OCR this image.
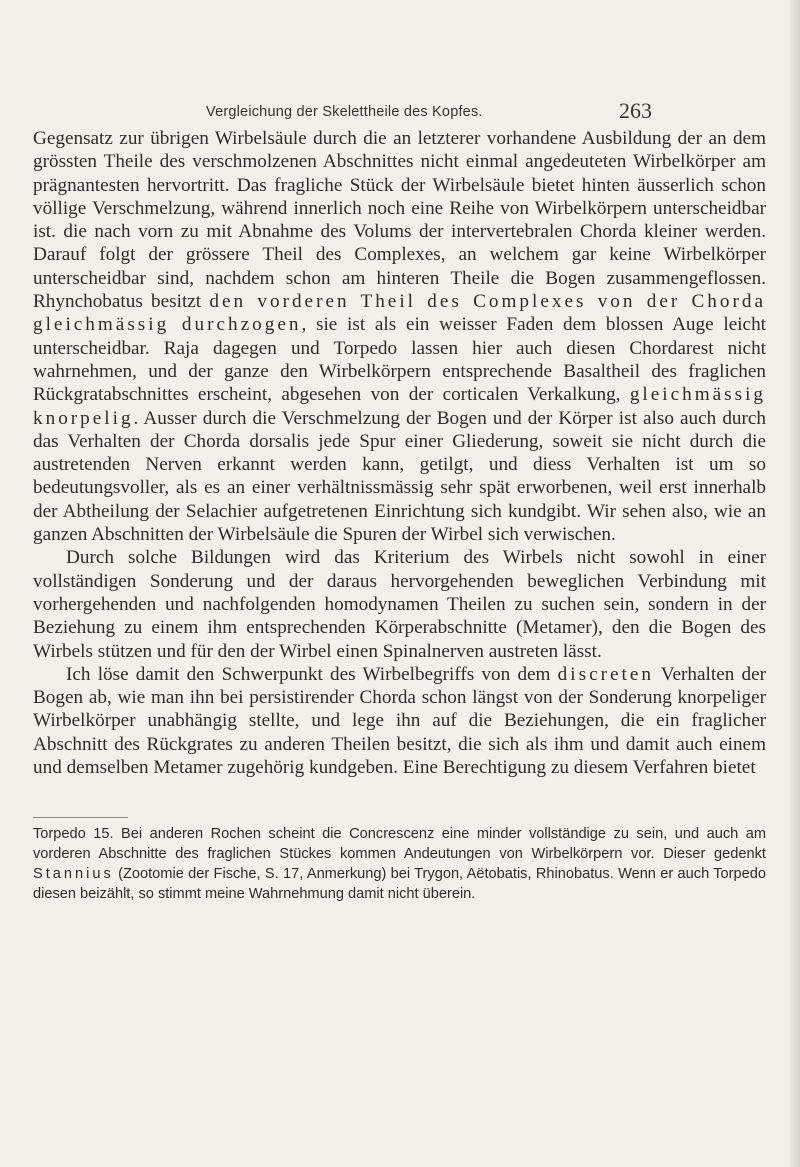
Vergleichung der Skelettheile des Kopfes.	263

Gegensatz zur übrigen Wirbelsäule durch die an letzterer vorhandene Ausbildung der an dem grössten Theile des verschmolzenen Abschnittes nicht einmal angedeuteten Wirbelkörper am prägnantesten hervortritt. Das fragliche Stück der Wirbelsäule bietet hinten äusserlich schon völlige Verschmelzung, während innerlich noch eine Reihe von Wirbelkörpern unterscheidbar ist. die nach vorn zu mit Abnahme des Volums der intervertebralen Chorda kleiner werden. Darauf folgt der grössere Theil des Complexes, an welchem gar keine Wirbelkörper unterscheidbar sind, nachdem schon am hinteren Theile die Bogen zusammengeflossen. Rhynchobatus besitzt den vorderen Theil des Complexes von der Chorda gleichmässig durchzogen, sie ist als ein weisser Faden dem blossen Auge leicht unterscheidbar. Raja dagegen und Torpedo lassen hier auch diesen Chordarest nicht wahrnehmen, und der ganze den Wirbelkörpern entsprechende Basaltheil des fraglichen Rückgratabschnittes erscheint, abgesehen von der corticalen Verkalkung, gleichmässig knorpelig. Ausser durch die Verschmelzung der Bogen und der Körper ist also auch durch das Verhalten der Chorda dorsalis jede Spur einer Gliederung, soweit sie nicht durch die austretenden Nerven erkannt werden kann, getilgt, und diess Verhalten ist um so bedeutungsvoller, als es an einer verhältnissmässig sehr spät erworbenen, weil erst innerhalb der Abtheilung der Selachier aufgetretenen Einrichtung sich kundgibt. Wir sehen also, wie an ganzen Abschnitten der Wirbelsäule die Spuren der Wirbel sich verwischen.

Durch solche Bildungen wird das Kriterium des Wirbels nicht sowohl in einer vollständigen Sonderung und der daraus hervorgehenden beweglichen Verbindung mit vorhergehenden und nachfolgenden homodynamen Theilen zu suchen sein, sondern in der Beziehung zu einem ihm entsprechenden Körperabschnitte (Metamer), den die Bogen des Wirbels stützen und für den der Wirbel einen Spinalnerven austreten lässt.

Ich löse damit den Schwerpunkt des Wirbelbegriffs von dem discreten Verhalten der Bogen ab, wie man ihn bei persistirender Chorda schon längst von der Sonderung knorpeliger Wirbelkörper unabhängig stellte, und lege ihn auf die Beziehungen, die ein fraglicher Abschnitt des Rückgrates zu anderen Theilen besitzt, die sich als ihm und damit auch einem und demselben Metamer zugehörig kundgeben. Eine Berechtigung zu diesem Verfahren bietet

Torpedo 15. Bei anderen Rochen scheint die Concrescenz eine minder vollständige zu sein, und auch am vorderen Abschnitte des fraglichen Stückes kommen Andeutungen von Wirbelkörpern vor. Dieser gedenkt Stannius (Zootomie der Fische, S. 17, Anmerkung) bei Trygon, Aëtobatis, Rhinobatus. Wenn er auch Torpedo diesen beizählt, so stimmt meine Wahrnehmung damit nicht überein.
